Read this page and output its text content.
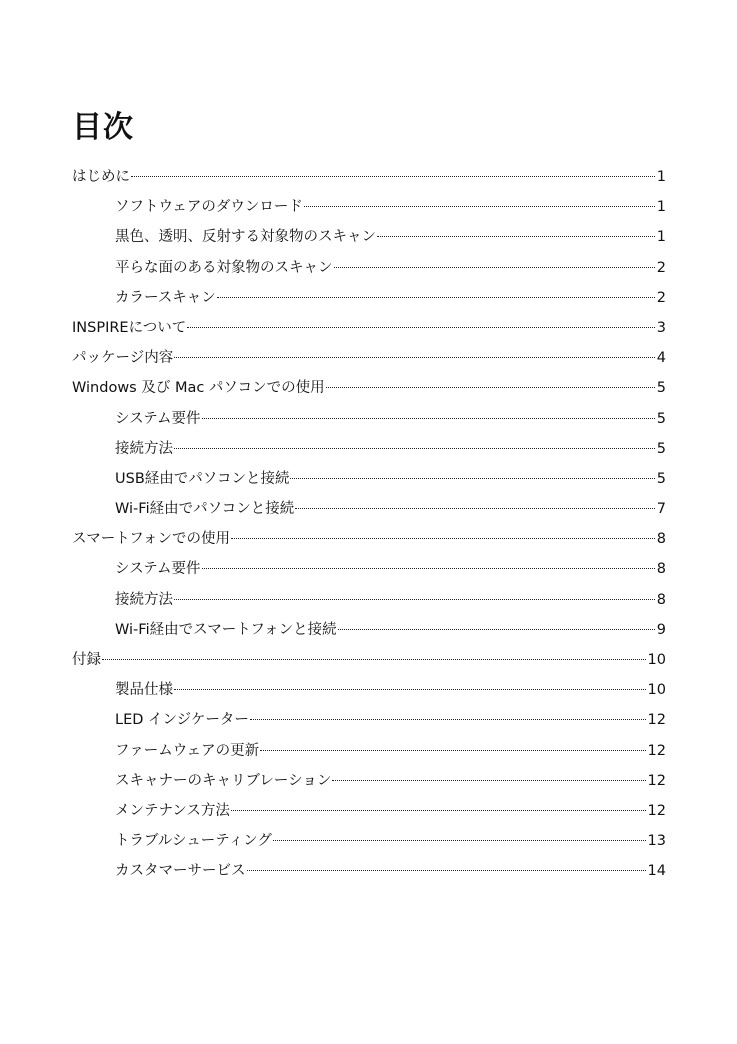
目次
はじめに	1
ソフトウェアのダウンロード	1
黒色、透明、反射する対象物のスキャン	1
平らな面のある対象物のスキャン	2
カラースキャン	2
INSPIREについて	3
パッケージ内容	4
Windows 及び Mac パソコンでの使用	5
システム要件	5
接続方法	5
USB経由でパソコンと接続	5
Wi-Fi経由でパソコンと接続	7
スマートフォンでの使用	8
システム要件	8
接続方法	8
Wi-Fi経由でスマートフォンと接続	9
付録	10
製品仕様	10
LED インジケーター	12
ファームウェアの更新	12
スキャナーのキャリブレーション	12
メンテナンス方法	12
トラブルシューティング	13
カスタマーサービス	14
